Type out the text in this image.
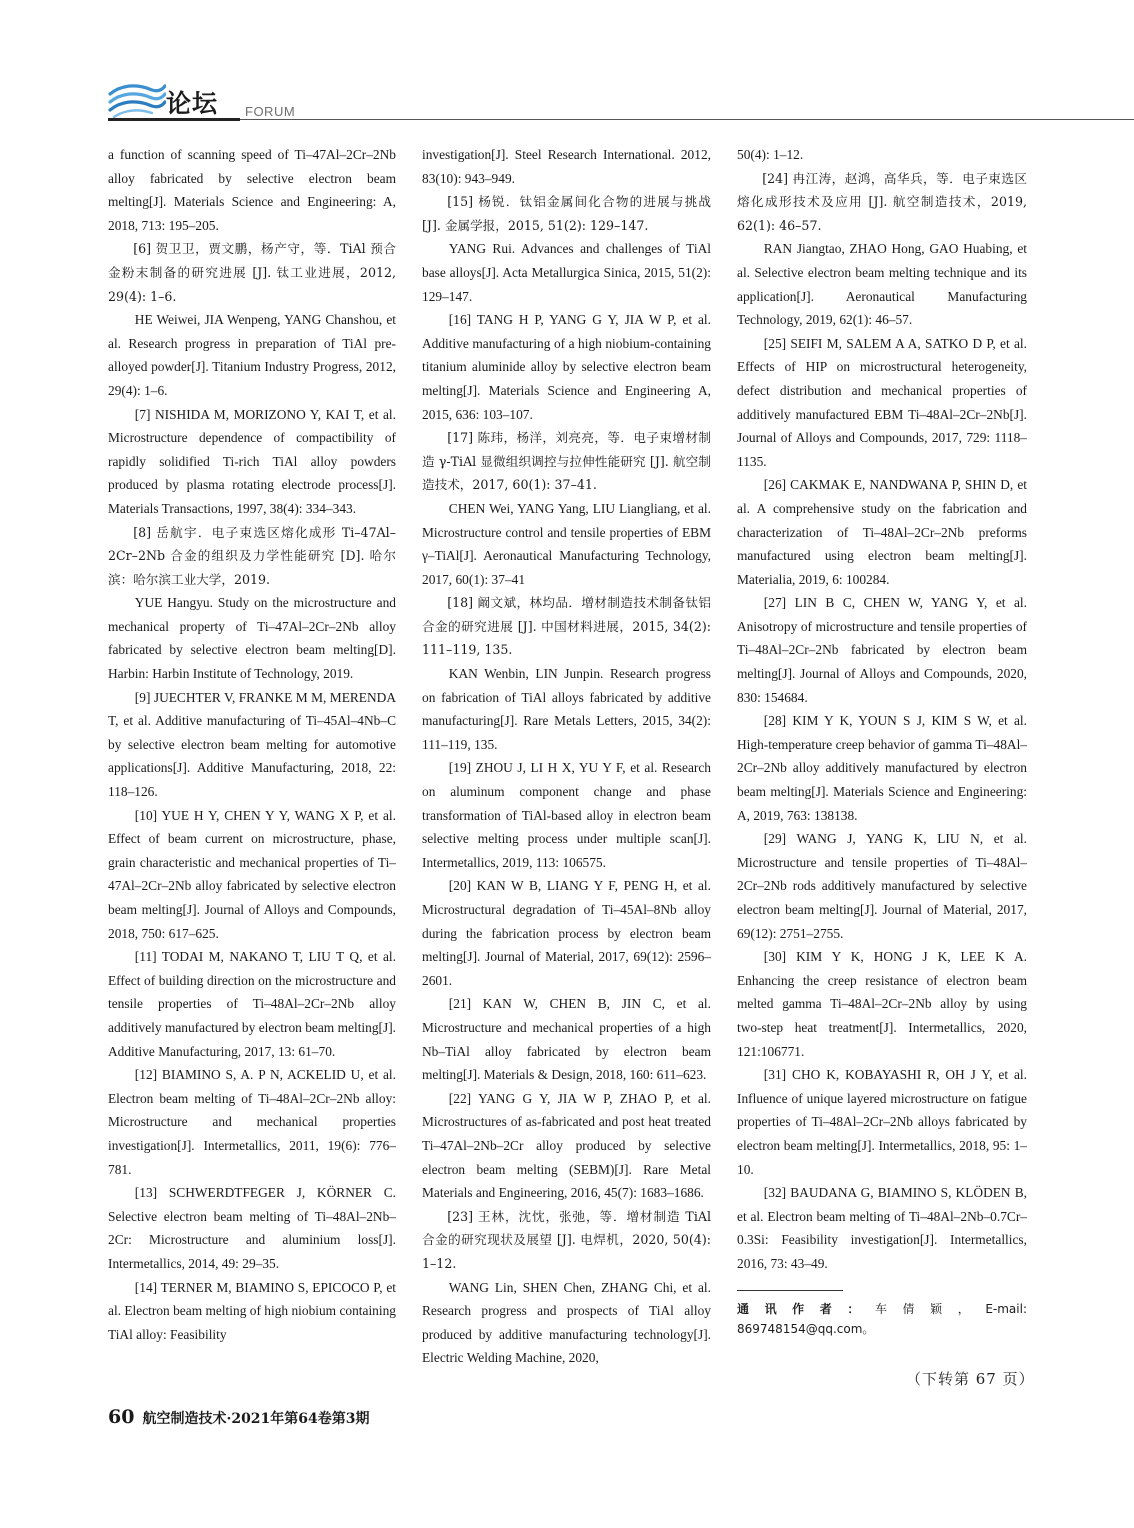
论坛 FORUM

a function of scanning speed of Ti–47Al–2Cr–2Nb alloy fabricated by selective electron beam melting[J]. Materials Science and Engineering: A, 2018, 713: 195–205.

[6] 贺卫卫，贾文鹏，杨产守，等．TiAl 预合金粉末制备的研究进展 [J]. 钛工业进展，2012, 29(4): 1–6.

HE Weiwei, JIA Wenpeng, YANG Chanshou, et al. Research progress in preparation of TiAl pre-alloyed powder[J]. Titanium Industry Progress, 2012, 29(4): 1–6.

[7] NISHIDA M, MORIZONO Y, KAI T, et al. Microstructure dependence of compactibility of rapidly solidified Ti-rich TiAl alloy powders produced by plasma rotating electrode process[J]. Materials Transactions, 1997, 38(4): 334–343.

[8] 岳航宇．电子束选区熔化成形 Ti–47Al–2Cr–2Nb 合金的组织及力学性能研究 [D]. 哈尔滨：哈尔滨工业大学，2019.

YUE Hangyu. Study on the microstructure and mechanical property of Ti–47Al–2Cr–2Nb alloy fabricated by selective electron beam melting[D]. Harbin: Harbin Institute of Technology, 2019.

[9] JUECHTER V, FRANKE M M, MERENDA T, et al. Additive manufacturing of Ti–45Al–4Nb–C by selective electron beam melting for automotive applications[J]. Additive Manufacturing, 2018, 22: 118–126.

[10] YUE H Y, CHEN Y Y, WANG X P, et al. Effect of beam current on microstructure, phase, grain characteristic and mechanical properties of Ti–47Al–2Cr–2Nb alloy fabricated by selective electron beam melting[J]. Journal of Alloys and Compounds, 2018, 750: 617–625.

[11] TODAI M, NAKANO T, LIU T Q, et al. Effect of building direction on the microstructure and tensile properties of Ti–48Al–2Cr–2Nb alloy additively manufactured by electron beam melting[J]. Additive Manufacturing, 2017, 13: 61–70.

[12] BIAMINO S, A. P N, ACKELID U, et al. Electron beam melting of Ti–48Al–2Cr–2Nb alloy: Microstructure and mechanical properties investigation[J]. Intermetallics, 2011, 19(6): 776–781.

[13] SCHWERDTFEGER J, KÖRNER C. Selective electron beam melting of Ti–48Al–2Nb–2Cr: Microstructure and aluminium loss[J]. Intermetallics, 2014, 49: 29–35.

[14] TERNER M, BIAMINO S, EPICOCO P, et al. Electron beam melting of high niobium containing TiAl alloy: Feasibility

investigation[J]. Steel Research International. 2012, 83(10): 943–949.

[15] 杨锐．钛铝金属间化合物的进展与挑战 [J]. 金属学报，2015, 51(2): 129–147.

YANG Rui. Advances and challenges of TiAl base alloys[J]. Acta Metallurgica Sinica, 2015, 51(2): 129–147.

[16] TANG H P, YANG G Y, JIA W P, et al. Additive manufacturing of a high niobium-containing titanium aluminide alloy by selective electron beam melting[J]. Materials Science and Engineering A, 2015, 636: 103–107.

[17] 陈玮，杨洋，刘亮亮，等．电子束增材制造 γ-TiAl 显微组织调控与拉伸性能研究 [J]. 航空制造技术，2017, 60(1): 37–41.

CHEN Wei, YANG Yang, LIU Liangliang, et al. Microstructure control and tensile properties of EBM γ–TiAl[J]. Aeronautical Manufacturing Technology, 2017, 60(1): 37–41

[18] 阚文斌，林均品．增材制造技术制备钛铝合金的研究进展 [J]. 中国材料进展，2015, 34(2): 111–119, 135.

KAN Wenbin, LIN Junpin. Research progress on fabrication of TiAl alloys fabricated by additive manufacturing[J]. Rare Metals Letters, 2015, 34(2): 111–119, 135.

[19] ZHOU J, LI H X, YU Y F, et al. Research on aluminum component change and phase transformation of TiAl-based alloy in electron beam selective melting process under multiple scan[J]. Intermetallics, 2019, 113: 106575.

[20] KAN W B, LIANG Y F, PENG H, et al. Microstructural degradation of Ti–45Al–8Nb alloy during the fabrication process by electron beam melting[J]. Journal of Material, 2017, 69(12): 2596–2601.

[21] KAN W, CHEN B, JIN C, et al. Microstructure and mechanical properties of a high Nb–TiAl alloy fabricated by electron beam melting[J]. Materials & Design, 2018, 160: 611–623.

[22] YANG G Y, JIA W P, ZHAO P, et al. Microstructures of as-fabricated and post heat treated Ti–47Al–2Nb–2Cr alloy produced by selective electron beam melting (SEBM)[J]. Rare Metal Materials and Engineering, 2016, 45(7): 1683–1686.

[23] 王林，沈忱，张弛，等．增材制造 TiAl 合金的研究现状及展望 [J]. 电焊机，2020, 50(4): 1–12.

WANG Lin, SHEN Chen, ZHANG Chi, et al. Research progress and prospects of TiAl alloy produced by additive manufacturing technology[J]. Electric Welding Machine, 2020,

50(4): 1–12.

[24] 冉江涛，赵鸿，高华兵，等．电子束选区熔化成形技术及应用 [J]. 航空制造技术，2019, 62(1): 46–57.

RAN Jiangtao, ZHAO Hong, GAO Huabing, et al. Selective electron beam melting technique and its application[J]. Aeronautical Manufacturing Technology, 2019, 62(1): 46–57.

[25] SEIFI M, SALEM A A, SATKO D P, et al. Effects of HIP on microstructural heterogeneity, defect distribution and mechanical properties of additively manufactured EBM Ti–48Al–2Cr–2Nb[J]. Journal of Alloys and Compounds, 2017, 729: 1118–1135.

[26] CAKMAK E, NANDWANA P, SHIN D, et al. A comprehensive study on the fabrication and characterization of Ti–48Al–2Cr–2Nb preforms manufactured using electron beam melting[J]. Materialia, 2019, 6: 100284.

[27] LIN B C, CHEN W, YANG Y, et al. Anisotropy of microstructure and tensile properties of Ti–48Al–2Cr–2Nb fabricated by electron beam melting[J]. Journal of Alloys and Compounds, 2020, 830: 154684.

[28] KIM Y K, YOUN S J, KIM S W, et al. High-temperature creep behavior of gamma Ti–48Al–2Cr–2Nb alloy additively manufactured by electron beam melting[J]. Materials Science and Engineering: A, 2019, 763: 138138.

[29] WANG J, YANG K, LIU N, et al. Microstructure and tensile properties of Ti–48Al–2Cr–2Nb rods additively manufactured by selective electron beam melting[J]. Journal of Material, 2017, 69(12): 2751–2755.

[30] KIM Y K, HONG J K, LEE K A. Enhancing the creep resistance of electron beam melted gamma Ti–48Al–2Cr–2Nb alloy by using two-step heat treatment[J]. Intermetallics, 2020, 121:106771.

[31] CHO K, KOBAYASHI R, OH J Y, et al. Influence of unique layered microstructure on fatigue properties of Ti–48Al–2Cr–2Nb alloys fabricated by electron beam melting[J]. Intermetallics, 2018, 95: 1–10.

[32] BAUDANA G, BIAMINO S, KLÖDEN B, et al. Electron beam melting of Ti–48Al–2Nb–0.7Cr–0.3Si: Feasibility investigation[J]. Intermetallics, 2016, 73: 43–49.

通讯作者：车倩颖，E-mail: 869748154@qq.com。
（下转第 67 页）
60 航空制造技术·2021年第64卷第3期
